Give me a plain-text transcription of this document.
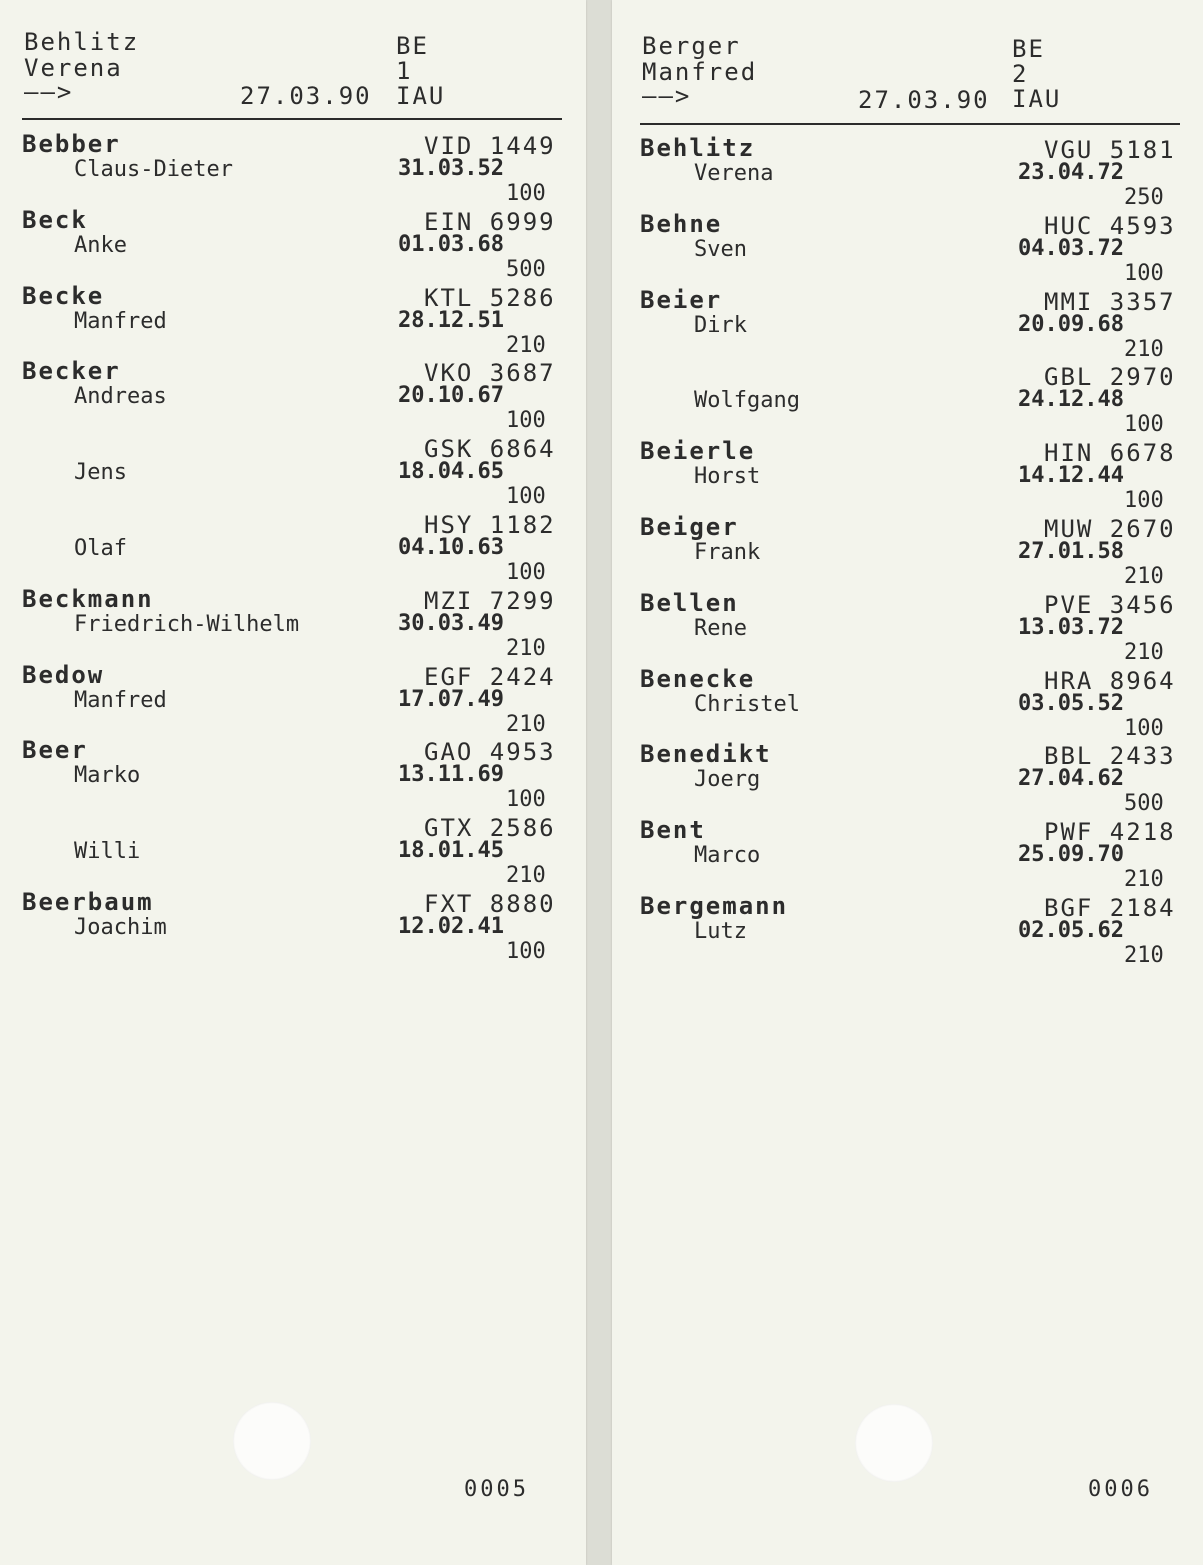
Behlitz
Verena
——>	27.03.90
BE
1
IAU
Bebber
Claus-Dieter
VID 1449
31.03.52
100
Beck
Anke
EIN 6999
01.03.68
500
Becke
Manfred
KTL 5286
28.12.51
210
Becker
Andreas
VKO 3687
20.10.67
100
Jens
GSK 6864
18.04.65
100
Olaf
HSY 1182
04.10.63
100
Beckmann
Friedrich-Wilhelm
MZI 7299
30.03.49
210
Bedow
Manfred
EGF 2424
17.07.49
210
Beer
Marko
GAO 4953
13.11.69
100
Willi
GTX 2586
18.01.45
210
Beerbaum
Joachim
FXT 8880
12.02.41
100
0005
Berger
Manfred
——>	27.03.90
BE
2
IAU
Behlitz
Verena
VGU 5181
23.04.72
250
Behne
Sven
HUC 4593
04.03.72
100
Beier
Dirk
MMI 3357
20.09.68
210
Wolfgang
GBL 2970
24.12.48
100
Beierle
Horst
HIN 6678
14.12.44
100
Beiger
Frank
MUW 2670
27.01.58
210
Bellen
Rene
PVE 3456
13.03.72
210
Benecke
Christel
HRA 8964
03.05.52
100
Benedikt
Joerg
BBL 2433
27.04.62
500
Bent
Marco
PWF 4218
25.09.70
210
Bergemann
Lutz
BGF 2184
02.05.62
210
0006
